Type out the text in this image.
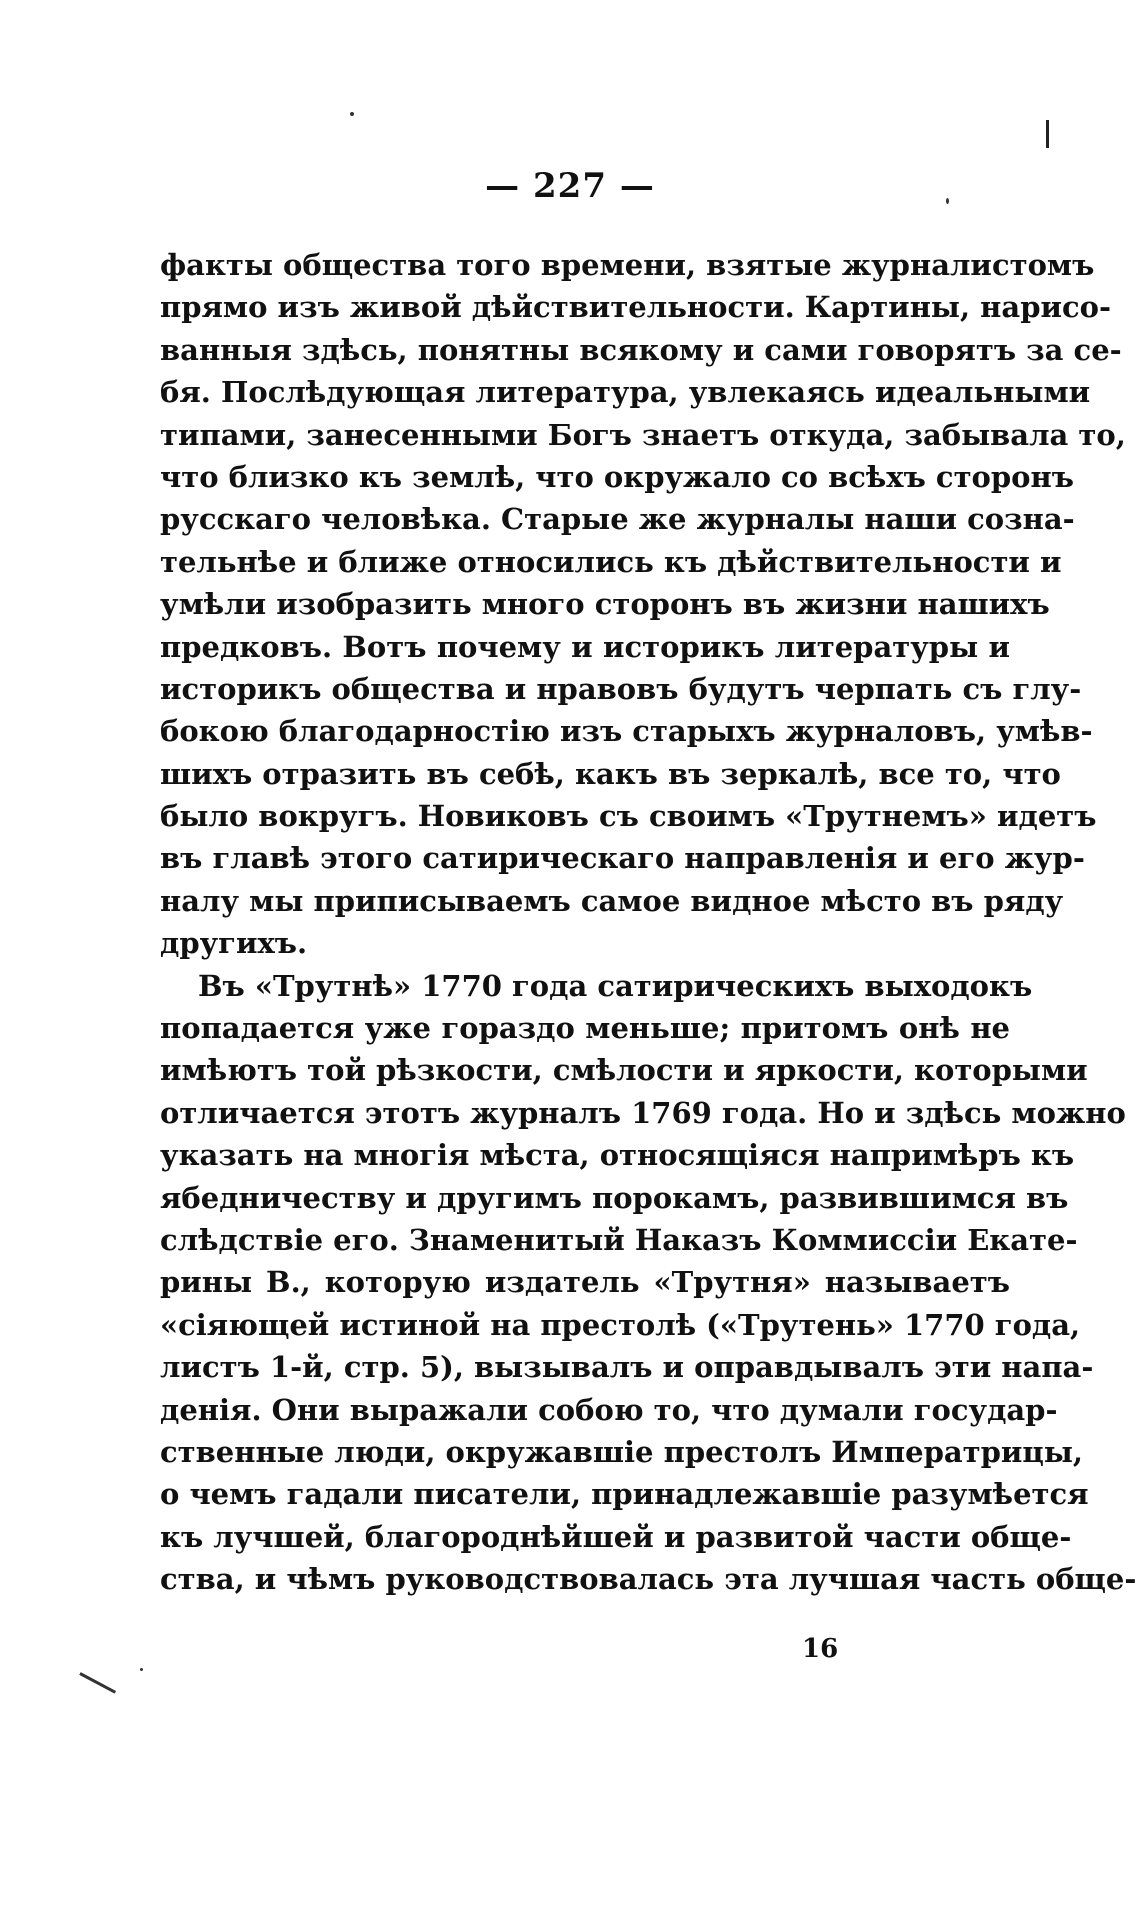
— 227 —
факты общества того времени, взятые журналистомъ
прямо изъ живой дѣйствительности. Картины, нарисо-
ванныя здѣсь, понятны всякому и сами говорятъ за се-
бя. Послѣдующая литература, увлекаясь идеальными
типами, занесенными Богъ знаетъ откуда, забывала то,
что близко къ землѣ, что окружало со всѣхъ сторонъ
русскаго человѣка. Старые же журналы наши созна-
тельнѣе и ближе относились къ дѣйствительности и
умѣли изобразить много сторонъ въ жизни нашихъ
предковъ. Вотъ почему и историкъ литературы и
историкъ общества и нравовъ будутъ черпать съ глу-
бокою благодарностію изъ старыхъ журналовъ, умѣв-
шихъ отразить въ себѣ, какъ въ зеркалѣ, все то, что
было вокругъ. Новиковъ съ своимъ «Трутнемъ» идетъ
въ главѣ этого сатирическаго направленія и его жур-
налу мы приписываемъ самое видное мѣсто въ ряду
другихъ.
Въ «Трутнѣ» 1770 года сатирическихъ выходокъ
попадается уже гораздо меньше; притомъ онѣ не
имѣютъ той рѣзкости, смѣлости и яркости, которыми
отличается этотъ журналъ 1769 года. Но и здѣсь можно
указать на многія мѣста, относящіяся напримѣръ къ
ябедничеству и другимъ порокамъ, развившимся въ
слѣдствіе его. Знаменитый Наказъ Коммиссіи Екате-
рины В., которую издатель «Трутня» называетъ
«сіяющей истиной на престолѣ («Трутень» 1770 года,
листъ 1-й, стр. 5), вызывалъ и оправдывалъ эти напа-
денія. Они выражали собою то, что думали государ-
ственные люди, окружавшіе престолъ Императрицы,
о чемъ гадали писатели, принадлежавшіе разумѣется
къ лучшей, благороднѣйшей и развитой части обще-
ства, и чѣмъ руководствовалась эта лучшая часть обще-
16
